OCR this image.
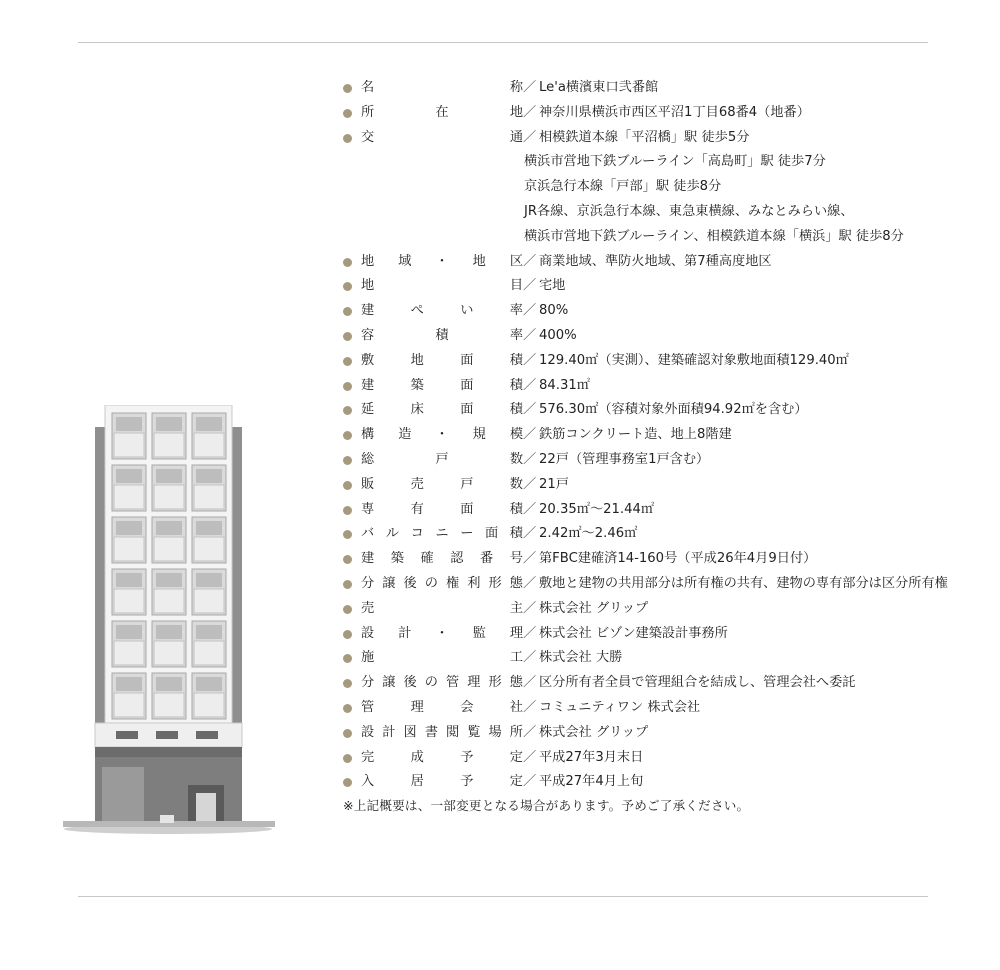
名	称 ／ Le'a横濱東口弐番館
所	在	地 ／ 神奈川県横浜市西区平沼1丁目68番4（地番）
交	通 ／ 相模鉄道本線「平沼橋」駅 徒歩5分
横浜市営地下鉄ブルーライン「高島町」駅 徒歩7分
京浜急行本線「戸部」駅 徒歩8分
JR各線、京浜急行本線、東急東横線、みなとみらい線、
横浜市営地下鉄ブルーライン、相模鉄道本線「横浜」駅 徒歩8分
地 域 ・ 地 区 ／ 商業地域、準防火地域、第7種高度地区
地	目 ／ 宅地
建	ぺ	い	率 ／ 80%
容	積	率 ／ 400%
敷	地	面	積 ／ 129.40㎡（実測）、建築確認対象敷地面積129.40㎡
建	築	面	積 ／ 84.31㎡
延	床	面	積 ／ 576.30㎡（容積対象外面積94.92㎡を含む）
構 造 ・ 規 模 ／ 鉄筋コンクリート造、地上8階建
総	戸	数 ／ 22戸（管理事務室1戸含む）
販	売	戸	数 ／ 21戸
専	有	面	積 ／ 20.35㎡～21.44㎡
バ ル コ ニ ー 面 積 ／ 2.42㎡～2.46㎡
建 築 確 認 番 号 ／ 第FBC建確済14-160号（平成26年4月9日付）
分 譲 後 の 権 利 形 態 ／ 敷地と建物の共用部分は所有権の共有、建物の専有部分は区分所有権
売	主 ／ 株式会社 グリップ
設 計 ・ 監 理 ／ 株式会社 ビゾン建築設計事務所
施	工 ／ 株式会社 大勝
分 譲 後 の 管 理 形 態 ／ 区分所有者全員で管理組合を結成し、管理会社へ委託
管	理	会	社 ／ コミュニティワン 株式会社
設 計 図 書 閲 覧 場 所 ／ 株式会社 グリップ
完	成	予	定 ／ 平成27年3月末日
入	居	予	定 ／ 平成27年4月上旬
※上記概要は、一部変更となる場合があります。予めご了承ください。
